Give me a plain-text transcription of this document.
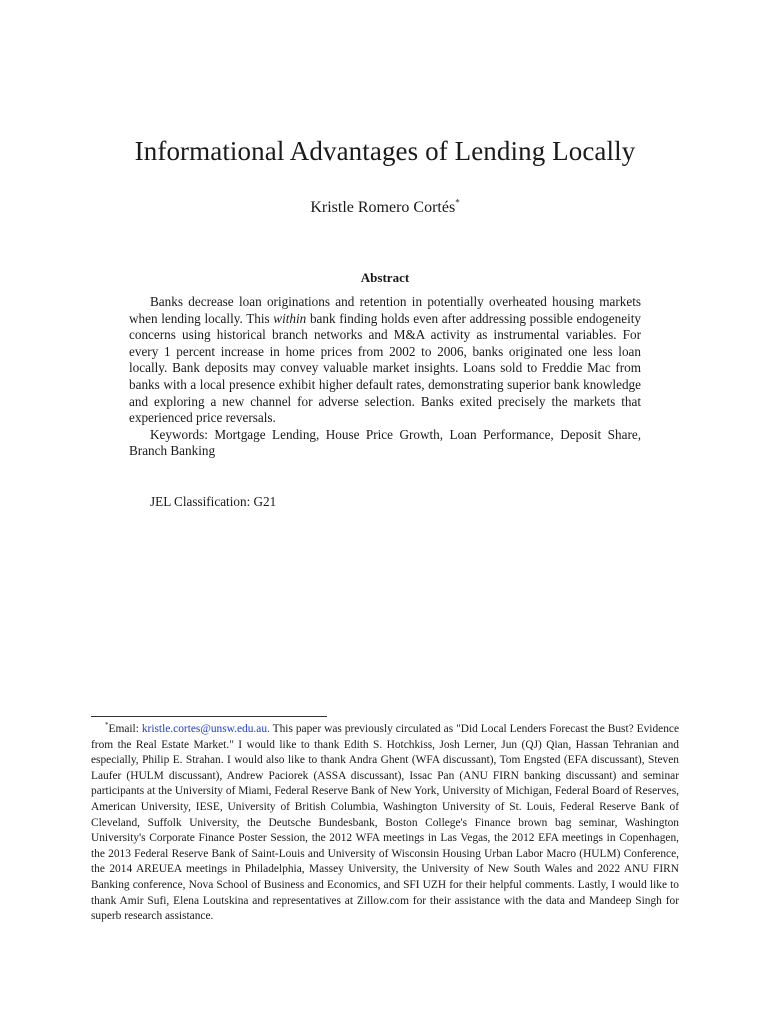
Informational Advantages of Lending Locally
Kristle Romero Cortés*
Abstract

Banks decrease loan originations and retention in potentially overheated housing markets when lending locally. This within bank finding holds even after addressing possible endogeneity concerns using historical branch networks and M&A activity as instrumental variables. For every 1 percent increase in home prices from 2002 to 2006, banks originated one less loan locally. Bank deposits may convey valuable market insights. Loans sold to Freddie Mac from banks with a local presence exhibit higher default rates, demonstrating superior bank knowledge and exploring a new channel for adverse selection. Banks exited precisely the markets that experienced price reversals.

Keywords: Mortgage Lending, House Price Growth, Loan Performance, Deposit Share, Branch Banking

JEL Classification: G21

*Email: kristle.cortes@unsw.edu.au. This paper was previously circulated as "Did Local Lenders Forecast the Bust? Evidence from the Real Estate Market." I would like to thank Edith S. Hotchkiss, Josh Lerner, Jun (QJ) Qian, Hassan Tehranian and especially, Philip E. Strahan. I would also like to thank Andra Ghent (WFA discussant), Tom Engsted (EFA discussant), Steven Laufer (HULM discussant), Andrew Paciorek (ASSA discussant), Issac Pan (ANU FIRN banking discussant) and seminar participants at the University of Miami, Federal Reserve Bank of New York, University of Michigan, Federal Board of Reserves, American University, IESE, University of British Columbia, Washington University of St. Louis, Federal Reserve Bank of Cleveland, Suffolk University, the Deutsche Bundesbank, Boston College's Finance brown bag seminar, Washington University's Corporate Finance Poster Session, the 2012 WFA meetings in Las Vegas, the 2012 EFA meetings in Copenhagen, the 2013 Federal Reserve Bank of Saint-Louis and University of Wisconsin Housing Urban Labor Macro (HULM) Conference, the 2014 AREUEA meetings in Philadelphia, Massey University, the University of New South Wales and 2022 ANU FIRN Banking conference, Nova School of Business and Economics, and SFI UZH for their helpful comments. Lastly, I would like to thank Amir Sufi, Elena Loutskina and representatives at Zillow.com for their assistance with the data and Mandeep Singh for superb research assistance.
